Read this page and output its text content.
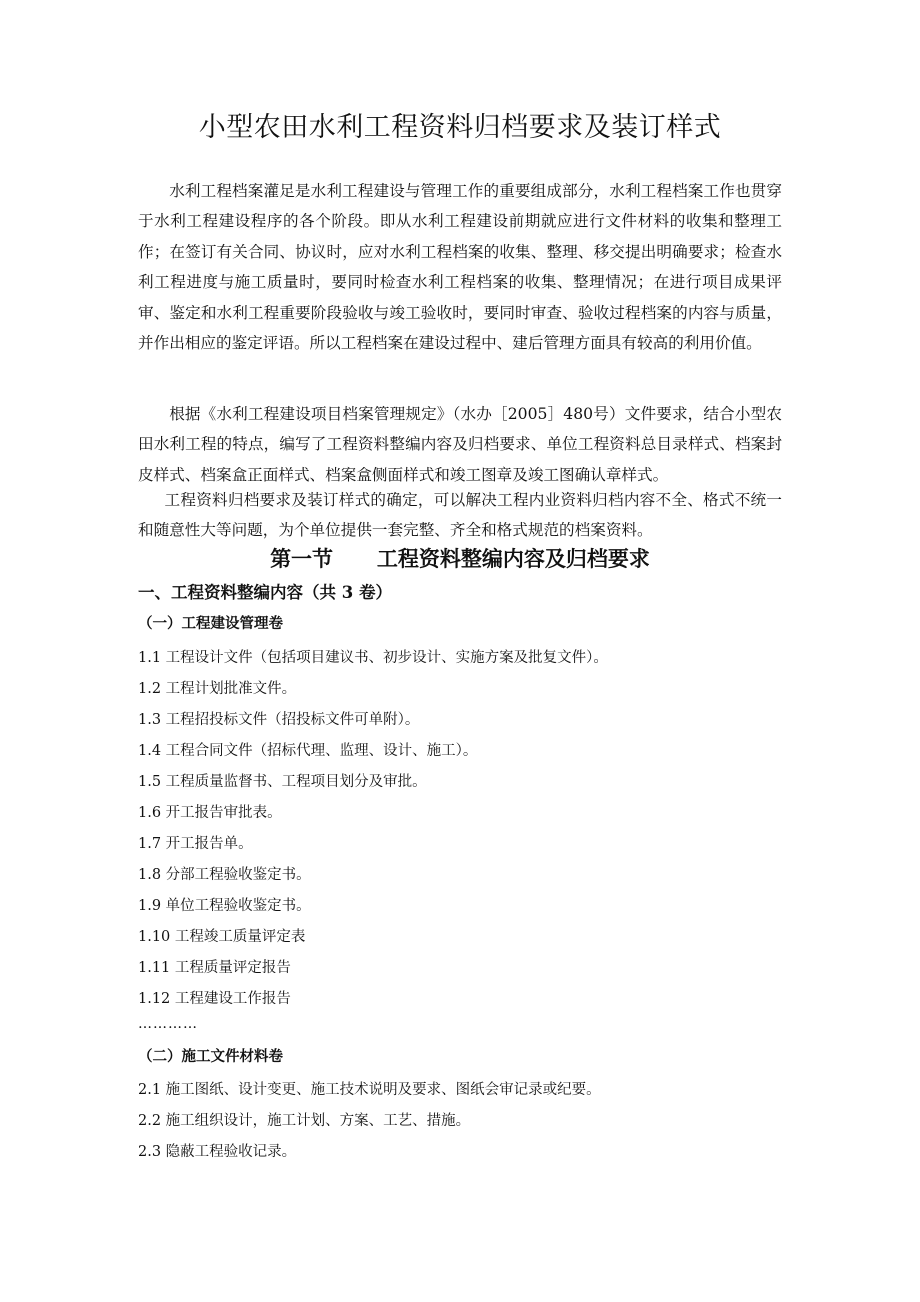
小型农田水利工程资料归档要求及装订样式

水利工程档案灌足是水利工程建设与管理工作的重要组成部分，水利工程档案工作也贯穿于水利工程建设程序的各个阶段。即从水利工程建设前期就应进行文件材料的收集和整理工作；在签订有关合同、协议时，应对水利工程档案的收集、整理、移交提出明确要求；检查水利工程进度与施工质量时，要同时检查水利工程档案的收集、整理情况；在进行项目成果评审、鉴定和水利工程重要阶段验收与竣工验收时，要同时审查、验收过程档案的内容与质量，并作出相应的鉴定评语。所以工程档案在建设过程中、建后管理方面具有较高的利用价值。

根据《水利工程建设项目档案管理规定》（水办［2005］480号）文件要求，结合小型农田水利工程的特点，编写了工程资料整编内容及归档要求、单位工程资料总目录样式、档案封皮样式、档案盒正面样式、档案盒侧面样式和竣工图章及竣工图确认章样式。

工程资料归档要求及装订样式的确定，可以解决工程内业资料归档内容不全、格式不统一和随意性大等问题，为个单位提供一套完整、齐全和格式规范的档案资料。

第一节      工程资料整编内容及归档要求
一、工程资料整编内容（共 3 卷）
（一）工程建设管理卷
1.1 工程设计文件（包括项目建议书、初步设计、实施方案及批复文件）。
1.2 工程计划批准文件。
1.3 工程招投标文件（招投标文件可单附）。
1.4 工程合同文件（招标代理、监理、设计、施工）。
1.5 工程质量监督书、工程项目划分及审批。
1.6 开工报告审批表。
1.7 开工报告单。
1.8 分部工程验收鉴定书。
1.9 单位工程验收鉴定书。
1.10 工程竣工质量评定表
1.11 工程质量评定报告
1.12 工程建设工作报告
…………
（二）施工文件材料卷
2.1 施工图纸、设计变更、施工技术说明及要求、图纸会审记录或纪要。
2.2 施工组织设计，施工计划、方案、工艺、措施。
2.3 隐蔽工程验收记录。
